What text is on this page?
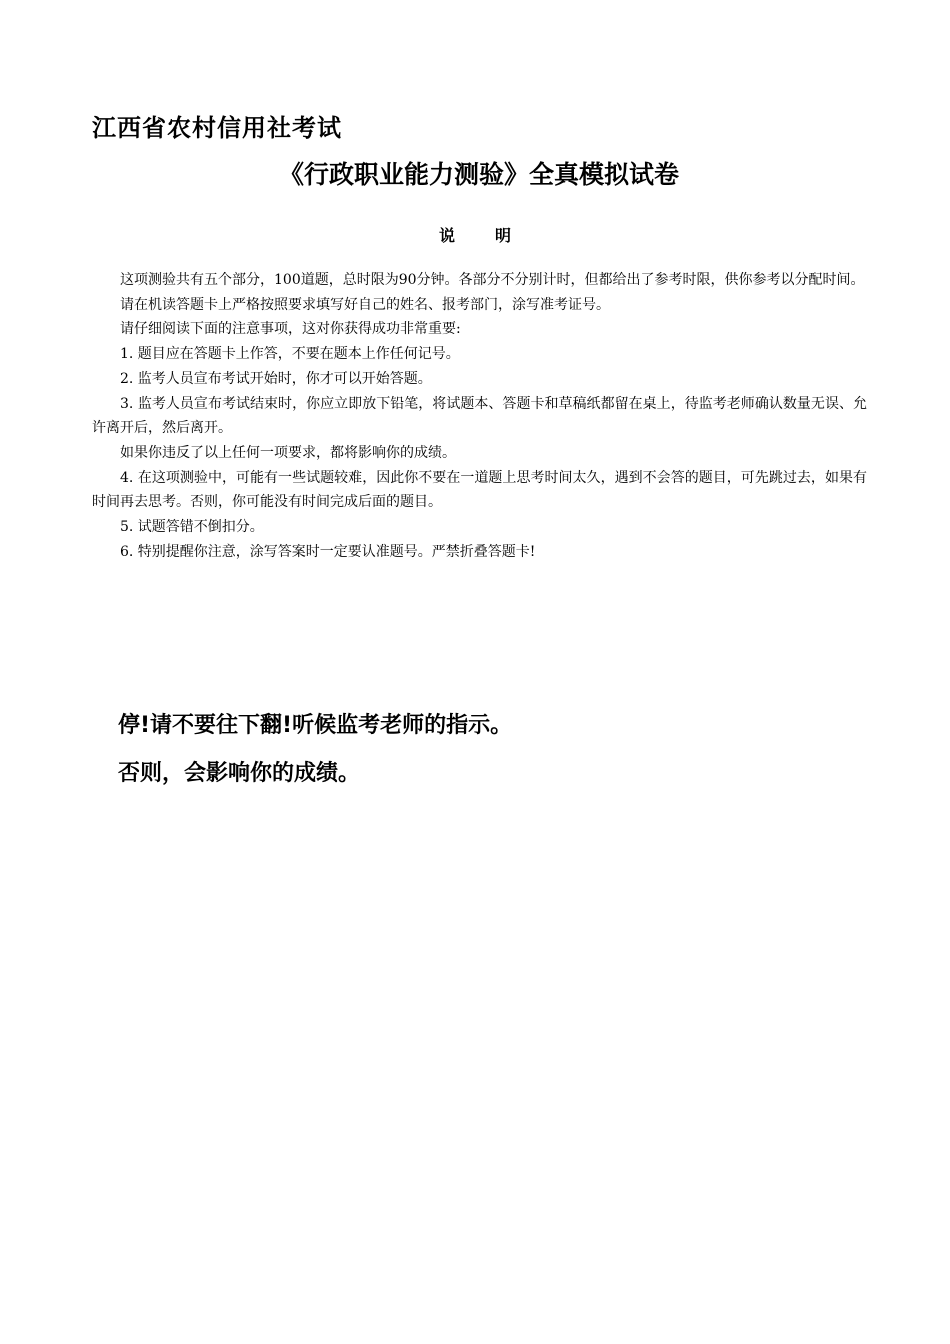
江西省农村信用社考试
《行政职业能力测验》全真模拟试卷
说明

这项测验共有五个部分，100道题，总时限为90分钟。各部分不分别计时，但都给出了参考时限，供你参考以分配时间。

请在机读答题卡上严格按照要求填写好自己的姓名、报考部门，涂写准考证号。

请仔细阅读下面的注意事项，这对你获得成功非常重要:

1. 题目应在答题卡上作答，不要在题本上作任何记号。

2. 监考人员宣布考试开始时，你才可以开始答题。

3. 监考人员宣布考试结束时，你应立即放下铅笔，将试题本、答题卡和草稿纸都留在桌上，待监考老师确认数量无误、允许离开后，然后离开。

如果你违反了以上任何一项要求，都将影响你的成绩。

4. 在这项测验中，可能有一些试题较难，因此你不要在一道题上思考时间太久，遇到不会答的题目，可先跳过去，如果有时间再去思考。否则，你可能没有时间完成后面的题目。

5. 试题答错不倒扣分。

6. 特别提醒你注意，涂写答案时一定要认准题号。严禁折叠答题卡!

停!请不要往下翻!听候监考老师的指示。
否则，会影响你的成绩。
